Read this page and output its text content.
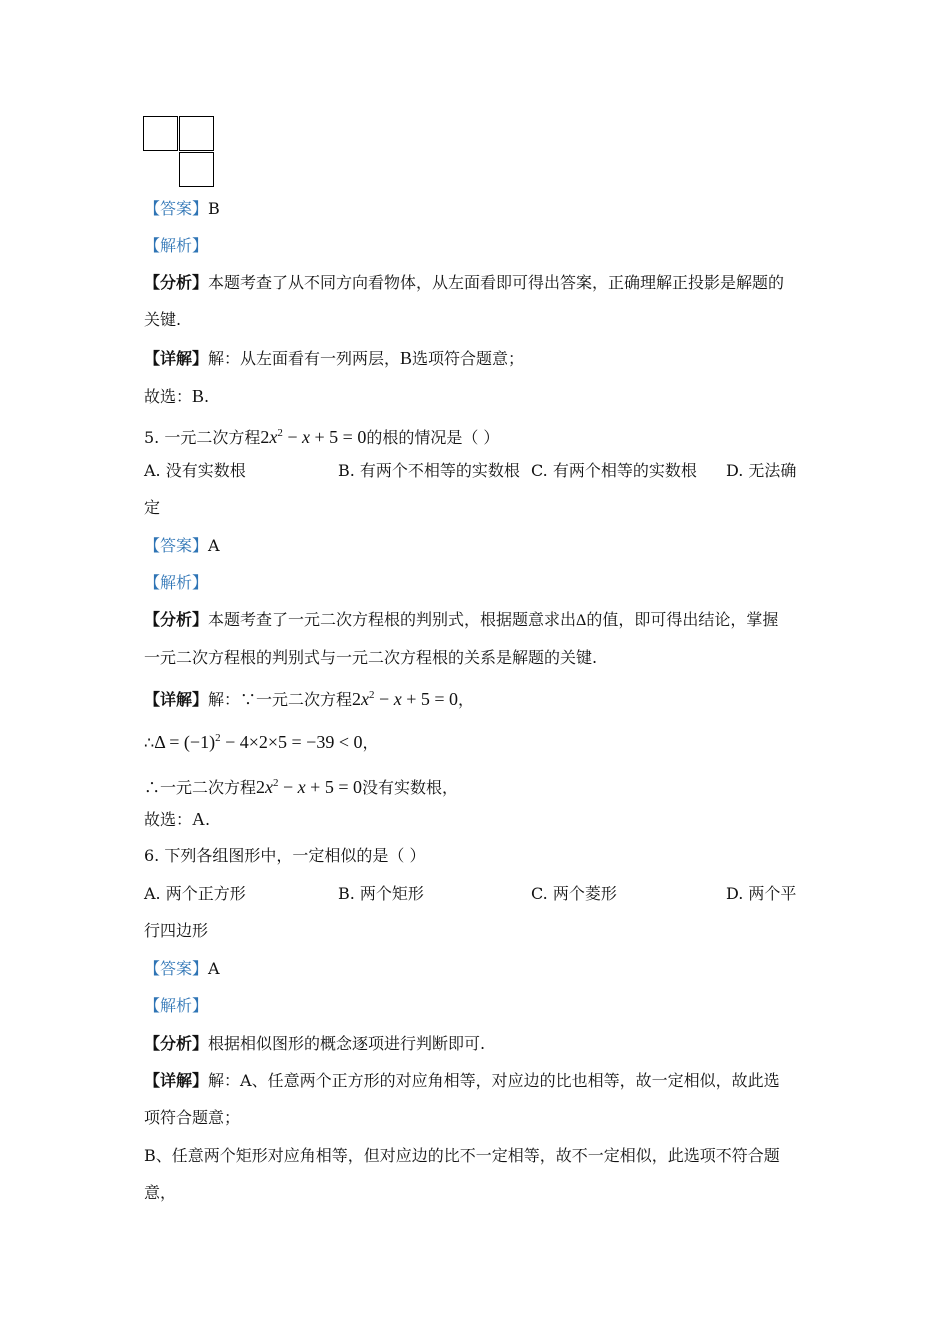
【答案】B
【解析】
【分析】本题考查了从不同方向看物体，从左面看即可得出答案，正确理解正投影是解题的
关键.
【详解】解：从左面看有一列两层，B选项符合题意；
故选：B.
5. 一元二次方程$2x^2 - x + 5 = 0$的根的情况是（ ）
A. 没有实数根	B. 有两个不相等的实数根 C. 有两个相等的实数根 D. 无法确
定
【答案】A
【解析】
【分析】本题考查了一元二次方程根的判别式，根据题意求出Δ的值，即可得出结论，掌握
一元二次方程根的判别式与一元二次方程根的关系是解题的关键.
【详解】解：∵一元二次方程$2x^2 - x + 5 = 0$，
∴Δ = $(-1)^2 - 4\times 2\times 5 = -39 < 0$，
∴一元二次方程$2x^2 - x + 5 = 0$没有实数根，
故选：A.
6. 下列各组图形中，一定相似的是（ ）
A. 两个正方形	B. 两个矩形	C. 两个菱形	D. 两个平
行四边形
【答案】A
【解析】
【分析】根据相似图形的概念逐项进行判断即可.
【详解】解：A、任意两个正方形的对应角相等，对应边的比也相等，故一定相似，故此选
项符合题意；
B、任意两个矩形对应角相等，但对应边的比不一定相等，故不一定相似，此选项不符合题
意，
